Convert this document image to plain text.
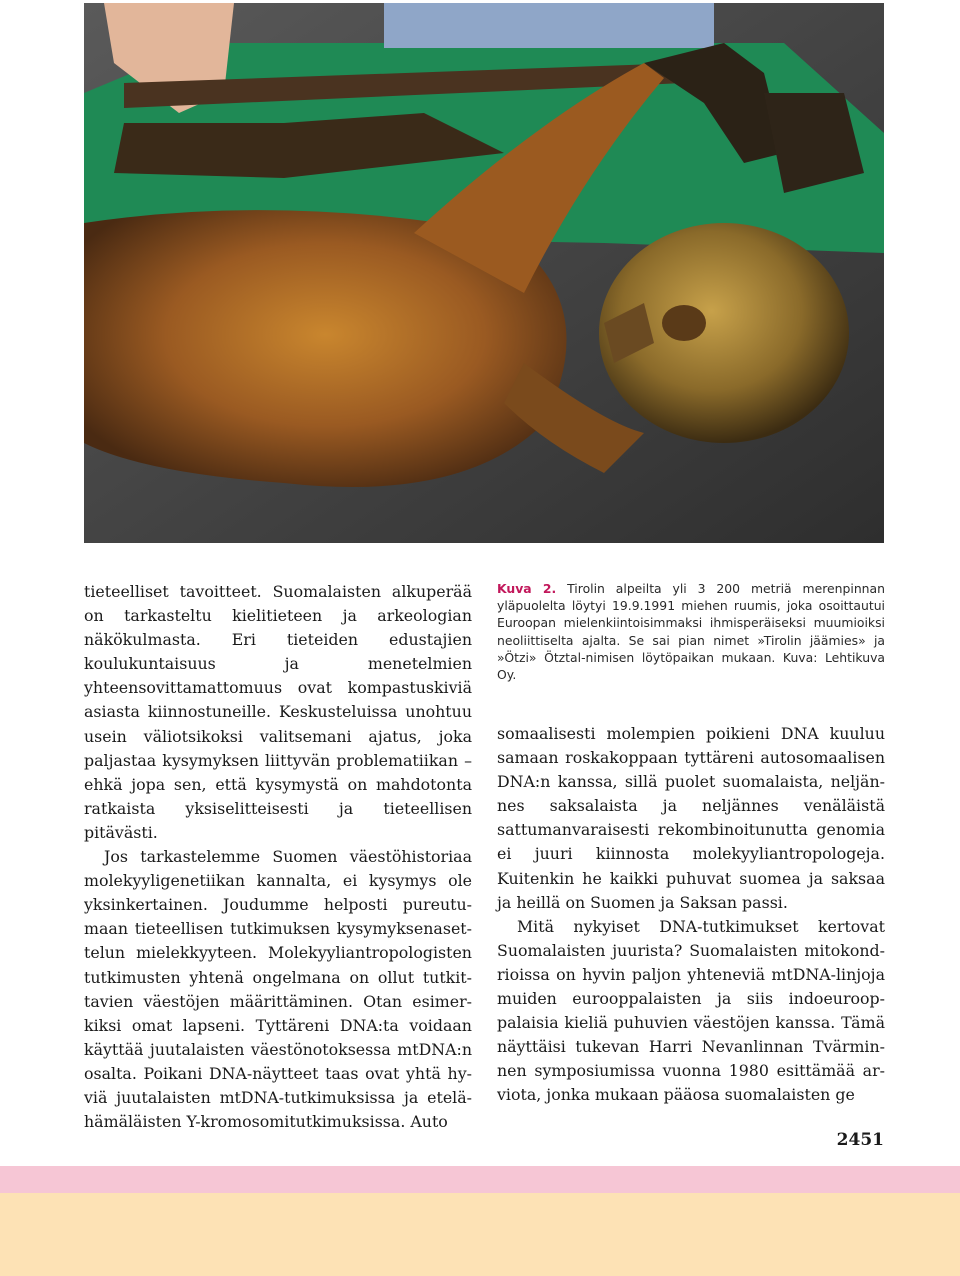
tieteelliset tavoitteet. Suomalaisten alkuperää on tarkasteltu kielitieteen ja arkeologian näkökulmasta. Eri tieteiden edustajien koulukuntaisuus ja menetelmien yhteensovittamattomuus ovat kompastuskiviä asiasta kiinnostuneille. Keskusteluissa unohtuu usein väliotsikoksi valitsemani ajatus, joka paljastaa kysymyksen liittyvän problematiikan – ehkä jopa sen, että kysymystä on mahdotonta ratkaista yksiselitteisesti ja tieteellisen pitävästi.

Jos tarkastelemme Suomen väestöhistoriaa molekyyligenetiikan kannalta, ei kysymys ole yksinkertainen. Joudumme helposti pureutumaan tieteellisen tutkimuksen kysymyksenasettelun mielekkyyteen. Molekyyliantropologisten tutkimusten yhtenä ongelmana on ollut tutkittavien väestöjen määrittäminen. Otan esimerkiksi omat lapseni. Tyttäreni DNA:ta voidaan käyttää juutalaisten väestönotoksessa mtDNA:n osalta. Poikani DNA-näytteet taas ovat yhtä hyviä juutalaisten mtDNA-tutkimuksissa ja etelähämäläisten Y-kromosomitutkimuksissa. Auto

Kuva 2. Tirolin alpeilta yli 3 200 metriä merenpinnan yläpuolelta löytyi 19.9.1991 miehen ruumis, joka osoittautui Euroopan mielenkiintoisimmaksi ihmisperäiseksi muumioiksi neoliittiselta ajalta. Se sai pian nimet »Tirolin jäämies» ja »Ötzi» Ötztal-nimisen löytöpaikan mukaan. Kuva: Lehtikuva Oy.

somaalisesti molempien poikieni DNA kuuluu samaan roskakoppaan tyttäreni autosomaalisen DNA:n kanssa, sillä puolet suomalaista, neljännes saksalaista ja neljännes venäläistä sattumanvaraisesti rekombinoitunutta genomia ei juuri kiinnosta molekyyliantropologeja. Kuitenkin he kaikki puhuvat suomea ja saksaa ja heillä on Suomen ja Saksan passi.

Mitä nykyiset DNA-tutkimukset kertovat Suomalaisten juurista? Suomalaisten mitokondrioissa on hyvin paljon yhteneviä mtDNA-linjoja muiden eurooppalaisten ja siis indoeurooppalaisia kieliä puhuvien väestöjen kanssa. Tämä näyttäisi tukevan Harri Nevanlinnan Tvärminnen symposiumissa vuonna 1980 esittämää arviota, jonka mukaan pääosa suomalaisten ge

2451
